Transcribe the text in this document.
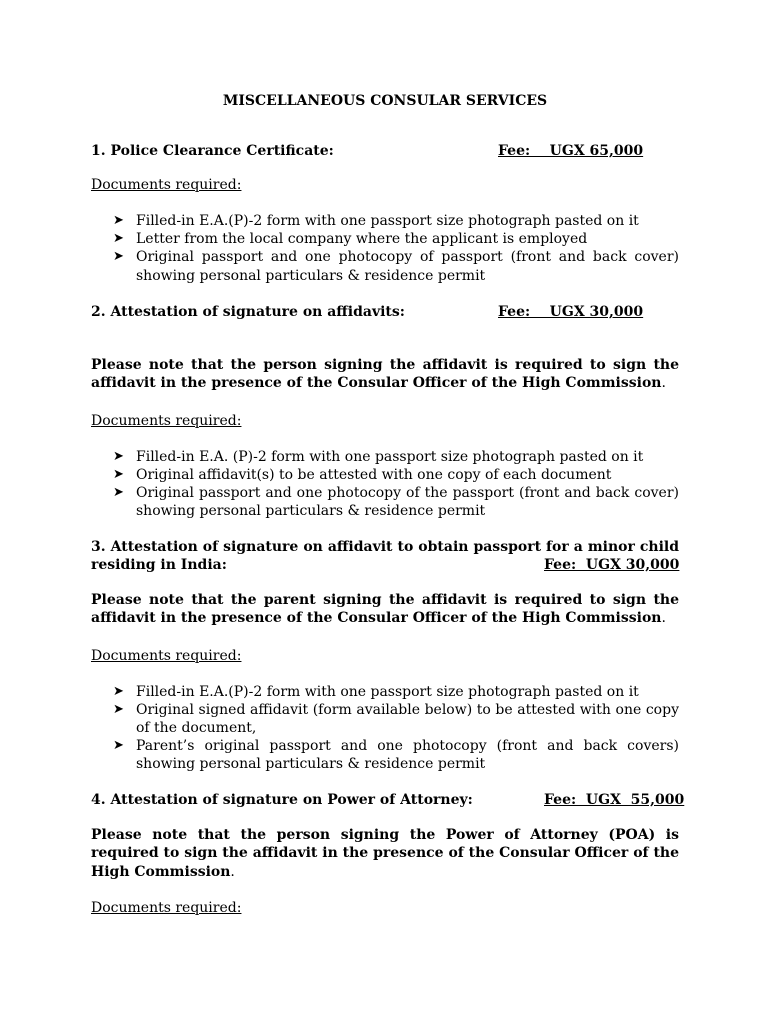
MISCELLANEOUS CONSULAR SERVICES

1. Police Clearance Certificate:	Fee:    UGX 65,000

Documents required:

➤ Filled-in E.A.(P)-2 form with one passport size photograph pasted on it
➤ Letter from the local company where the applicant is employed
➤ Original passport and one photocopy of passport (front and back cover) showing personal particulars & residence permit

2. Attestation of signature on affidavits:	Fee:    UGX 30,000

Please note that the person signing the affidavit is required to sign the affidavit in the presence of the Consular Officer of the High Commission.

Documents required:

➤ Filled-in E.A. (P)-2 form with one passport size photograph pasted on it
➤ Original affidavit(s) to be attested with one copy of each document
➤ Original passport and one photocopy of the passport (front and back cover) showing personal particulars & residence permit

3. Attestation of signature on affidavit to obtain passport for a minor child

residing in India:	Fee:  UGX 30,000

Please note that the parent signing the affidavit is required to sign the affidavit in the presence of the Consular Officer of the High Commission.

Documents required:

➤ Filled-in E.A.(P)-2 form with one passport size photograph pasted on it
➤ Original signed affidavit (form available below) to be attested with one copy of the document,
➤ Parent’s original passport and one photocopy (front and back covers) showing personal particulars & residence permit

4. Attestation of signature on Power of Attorney:	Fee:  UGX  55,000

Please note that the person signing the Power of Attorney (POA) is required to sign the affidavit in the presence of the Consular Officer of the High Commission.

Documents required:
